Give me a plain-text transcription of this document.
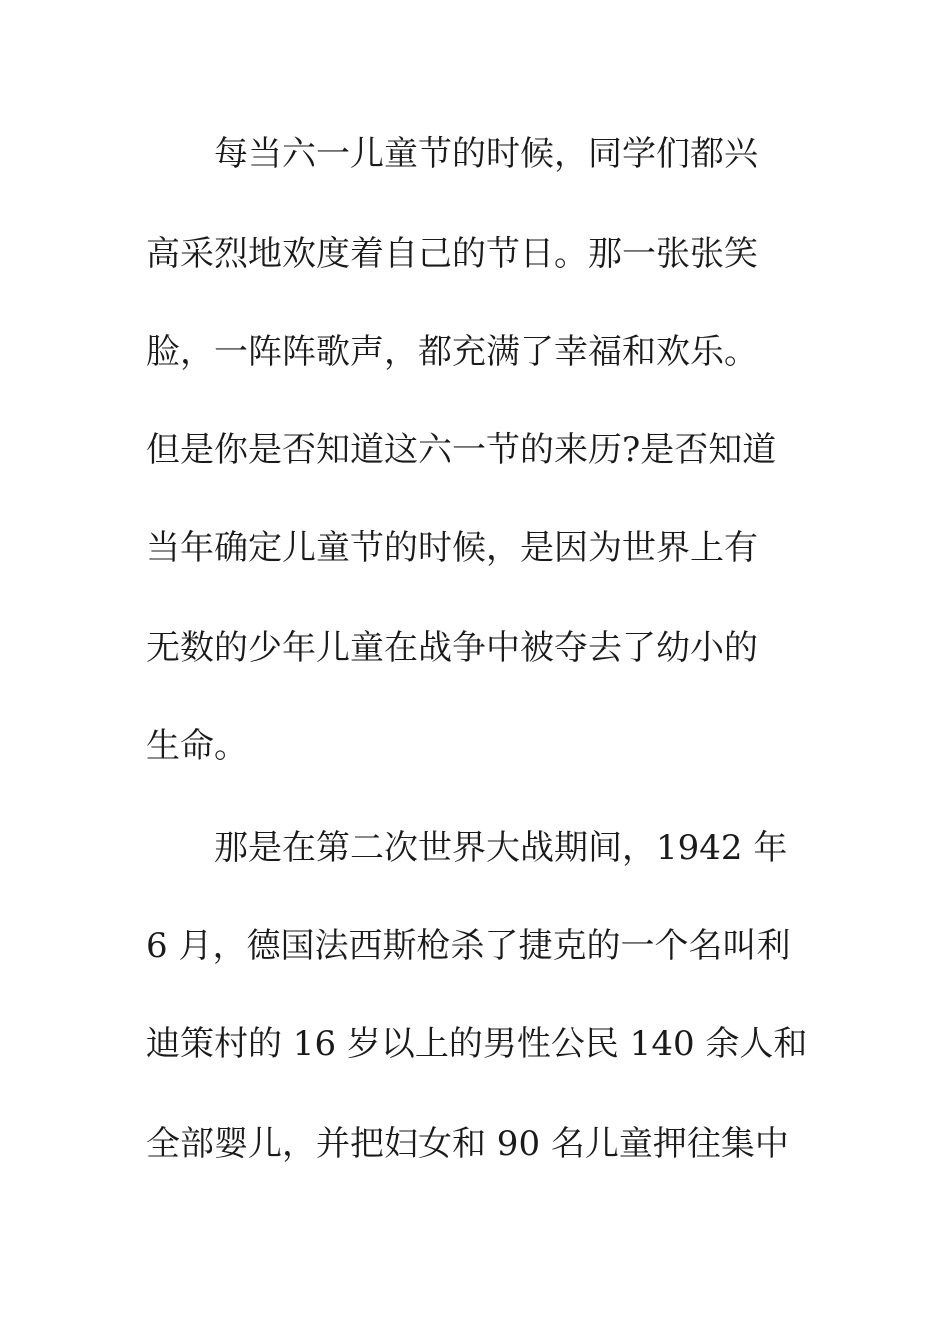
每当六一儿童节的时候，同学们都兴
高采烈地欢度着自己的节日。那一张张笑
脸，一阵阵歌声，都充满了幸福和欢乐。
但是你是否知道这六一节的来历?是否知道
当年确定儿童节的时候，是因为世界上有
无数的少年儿童在战争中被夺去了幼小的
生命。
那是在第二次世界大战期间，1942 年
6 月，德国法西斯枪杀了捷克的一个名叫利
迪策村的 16 岁以上的男性公民 140 余人和
全部婴儿，并把妇女和 90 名儿童押往集中
